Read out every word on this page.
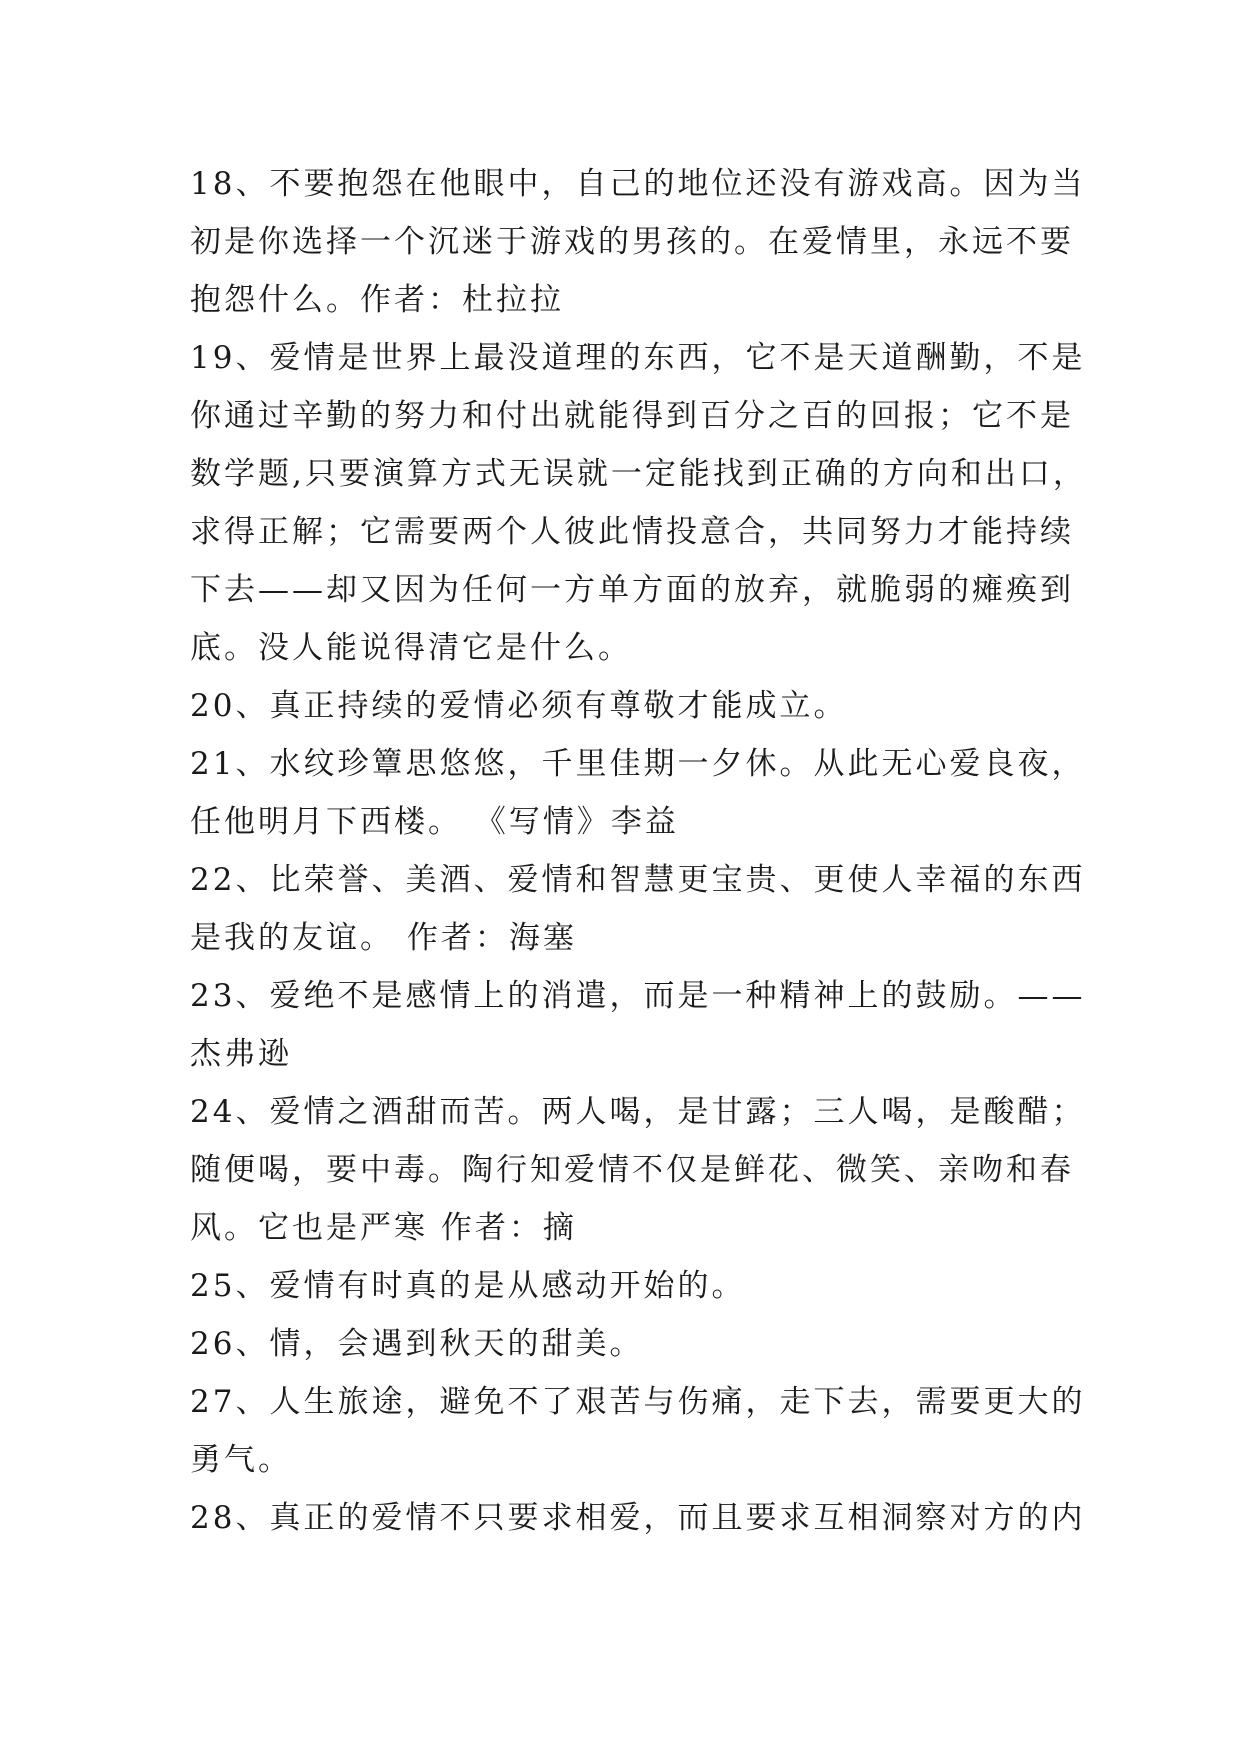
18、不要抱怨在他眼中，自己的地位还没有游戏高。因为当
初是你选择一个沉迷于游戏的男孩的。在爱情里，永远不要
抱怨什么。作者：杜拉拉
19、爱情是世界上最没道理的东西，它不是天道酬勤，不是
你通过辛勤的努力和付出就能得到百分之百的回报；它不是
数学题,只要演算方式无误就一定能找到正确的方向和出口，
求得正解；它需要两个人彼此情投意合，共同努力才能持续
下去——却又因为任何一方单方面的放弃，就脆弱的瘫痪到
底。没人能说得清它是什么。
20、真正持续的爱情必须有尊敬才能成立。
21、水纹珍簟思悠悠，千里佳期一夕休。从此无心爱良夜，
任他明月下西楼。 《写情》李益
22、比荣誉、美酒、爱情和智慧更宝贵、更使人幸福的东西
是我的友谊。 作者：海塞
23、爱绝不是感情上的消遣，而是一种精神上的鼓励。——
杰弗逊
24、爱情之酒甜而苦。两人喝，是甘露；三人喝，是酸醋；
随便喝，要中毒。陶行知爱情不仅是鲜花、微笑、亲吻和春
风。它也是严寒 作者：摘
25、爱情有时真的是从感动开始的。
26、情，会遇到秋天的甜美。
27、人生旅途，避免不了艰苦与伤痛，走下去，需要更大的
勇气。
28、真正的爱情不只要求相爱，而且要求互相洞察对方的内
